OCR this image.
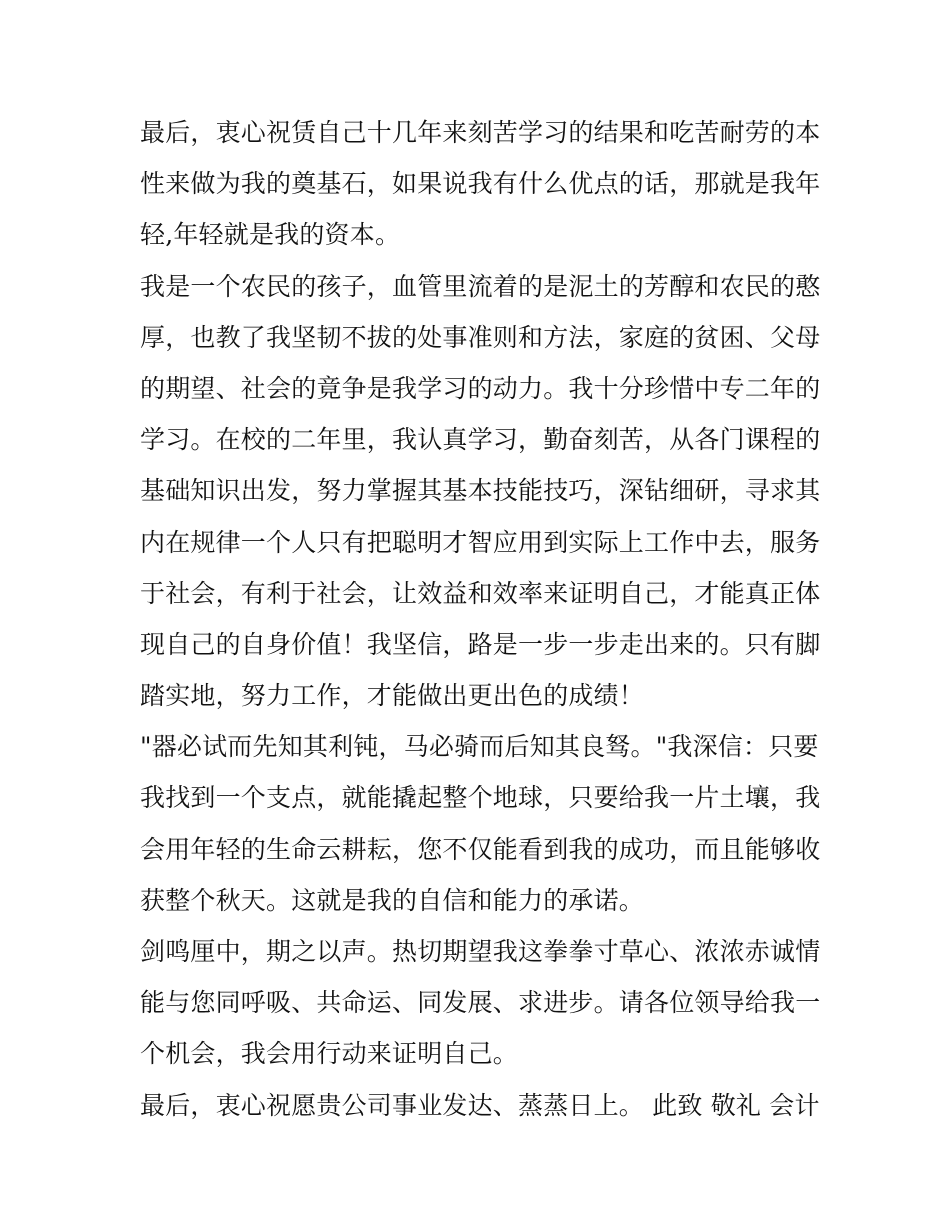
最后，衷心祝赁自己十几年来刻苦学习的结果和吃苦耐劳的本
性来做为我的奠基石，如果说我有什么优点的话，那就是我年
轻,年轻就是我的资本。
我是一个农民的孩子，血管里流着的是泥土的芳醇和农民的憨
厚，也教了我坚韧不拔的处事准则和方法，家庭的贫困、父母
的期望、社会的竟争是我学习的动力。我十分珍惜中专二年的
学习。在校的二年里，我认真学习，勤奋刻苦，从各门课程的
基础知识出发，努力掌握其基本技能技巧，深钻细研，寻求其
内在规律一个人只有把聪明才智应用到实际上工作中去，服务
于社会，有利于社会，让效益和效率来证明自己，才能真正体
现自己的自身价值！我坚信，路是一步一步走出来的。只有脚
踏实地，努力工作，才能做出更出色的成绩！
"器必试而先知其利钝，马必骑而后知其良驽。"我深信：只要
我找到一个支点，就能撬起整个地球，只要给我一片土壤，我
会用年轻的生命云耕耘，您不仅能看到我的成功，而且能够收
获整个秋天。这就是我的自信和能力的承诺。
剑鸣厘中，期之以声。热切期望我这拳拳寸草心、浓浓赤诚情
能与您同呼吸、共命运、同发展、求进步。请各位领导给我一
个机会，我会用行动来证明自己。
最后，衷心祝愿贵公司事业发达、蒸蒸日上。 此致 敬礼 会计
